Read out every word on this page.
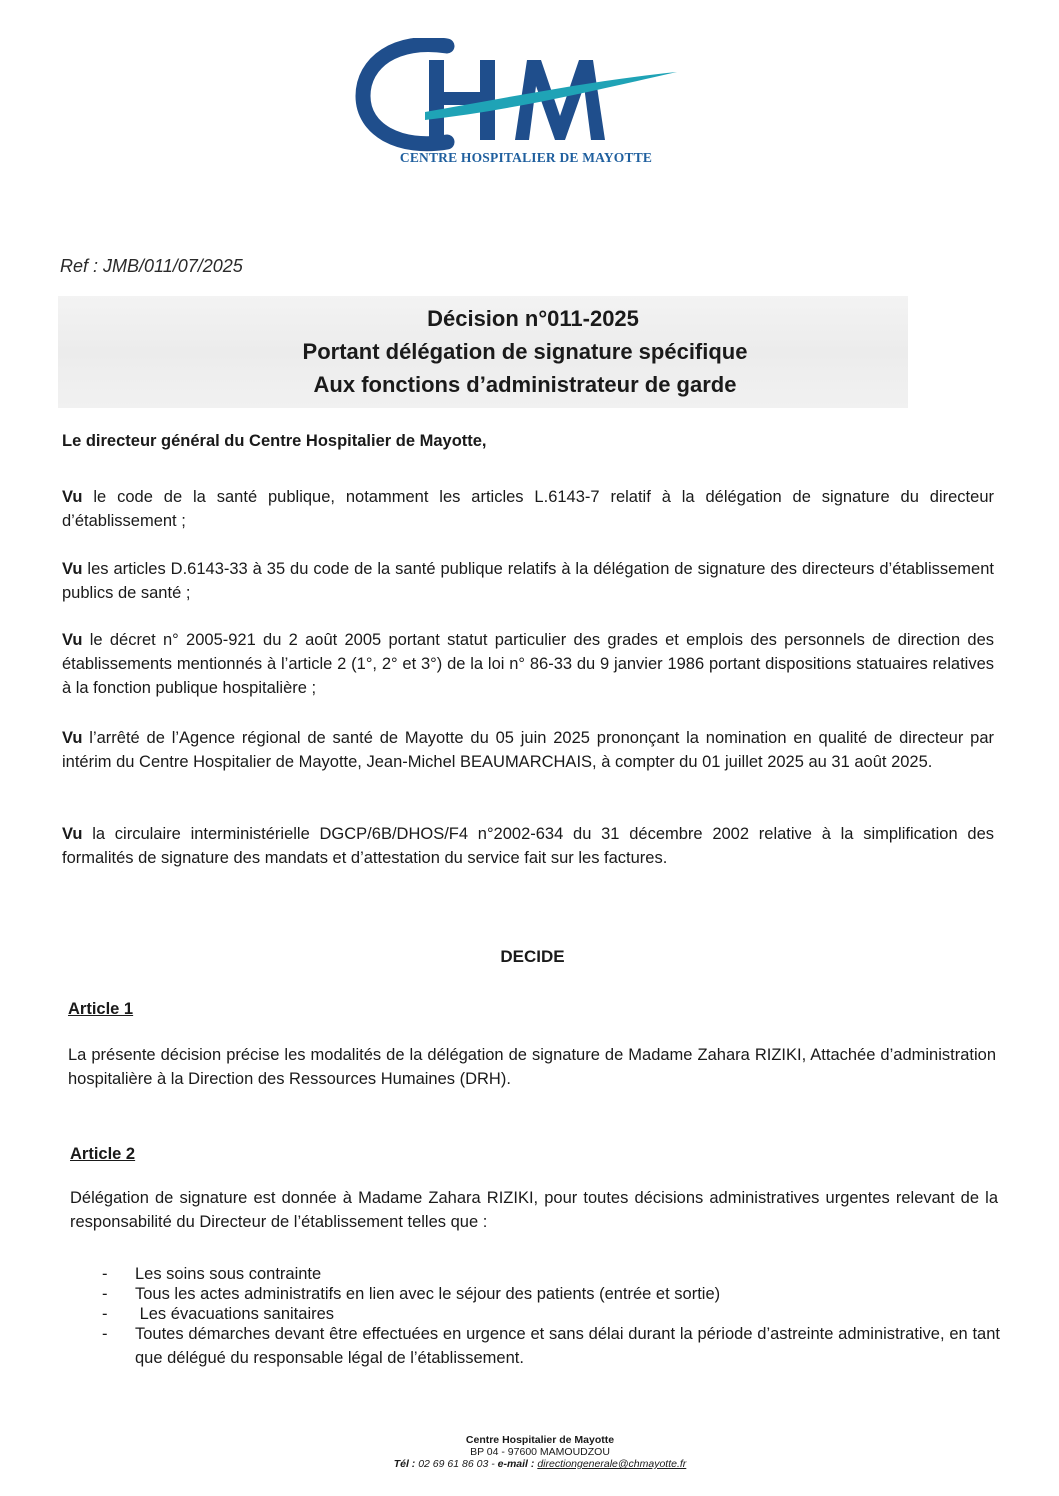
CENTRE HOSPITALIER DE MAYOTTE
Ref : JMB/011/07/2025
Décision n°011-2025
Portant délégation de signature spécifique
Aux fonctions d’administrateur de garde
Le directeur général du Centre Hospitalier de Mayotte,
Vu le code de la santé publique, notamment les articles L.6143-7 relatif à la délégation de signature du directeur d’établissement ;
Vu les articles D.6143-33 à 35 du code de la santé publique relatifs à la délégation de signature des directeurs d’établissement publics de santé ;
Vu le décret n° 2005-921 du 2 août 2005 portant statut particulier des grades et emplois des personnels de direction des établissements mentionnés à l’article 2 (1°, 2° et 3°) de la loi n° 86-33 du 9 janvier 1986 portant dispositions statuaires relatives à la fonction publique hospitalière ;
Vu l’arrêté de l’Agence régional de santé de Mayotte du 05 juin 2025 prononçant la nomination en qualité de directeur par intérim du Centre Hospitalier de Mayotte, Jean-Michel BEAUMARCHAIS, à compter du 01 juillet 2025 au 31 août 2025.
Vu la circulaire interministérielle DGCP/6B/DHOS/F4 n°2002-634 du 31 décembre 2002 relative à la simplification des formalités de signature des mandats et d’attestation du service fait sur les factures.
DECIDE
Article 1
La présente décision précise les modalités de la délégation de signature de Madame Zahara RIZIKI, Attachée d’administration hospitalière à la Direction des Ressources Humaines (DRH).
Article 2
Délégation de signature est donnée à Madame Zahara RIZIKI, pour toutes décisions administratives urgentes relevant de la responsabilité du Directeur de l’établissement telles que :
- Les soins sous contrainte
- Tous les actes administratifs en lien avec le séjour des patients (entrée et sortie)
- Les évacuations sanitaires
- Toutes démarches devant être effectuées en urgence et sans délai durant la période d’astreinte administrative, en tant que délégué du responsable légal de l’établissement.
Centre Hospitalier de Mayotte
BP 04 - 97600 MAMOUDZOU
Tél : 02 69 61 86 03 - e-mail : directiongenerale@chmayotte.fr
